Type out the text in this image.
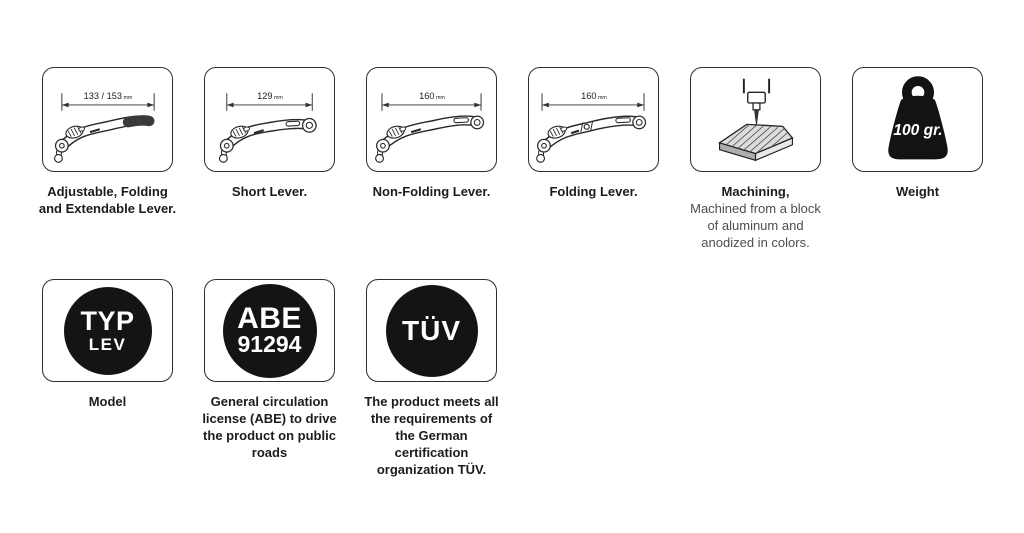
133 / 153mm
Adjustable, Folding
and Extendable Lever.
129mm
Short Lever.
160mm
Non-Folding Lever.
160mm
Folding Lever.	Machining,
Machined from a block
of aluminum and
anodized in colors.
100 gr.
Weight
TYP
LEV
Model
ABE
91294
General circulation
license (ABE) to drive
the product on public
roads
TÜV
The product meets all
the requirements of
the German
certification
organization TÜV.
